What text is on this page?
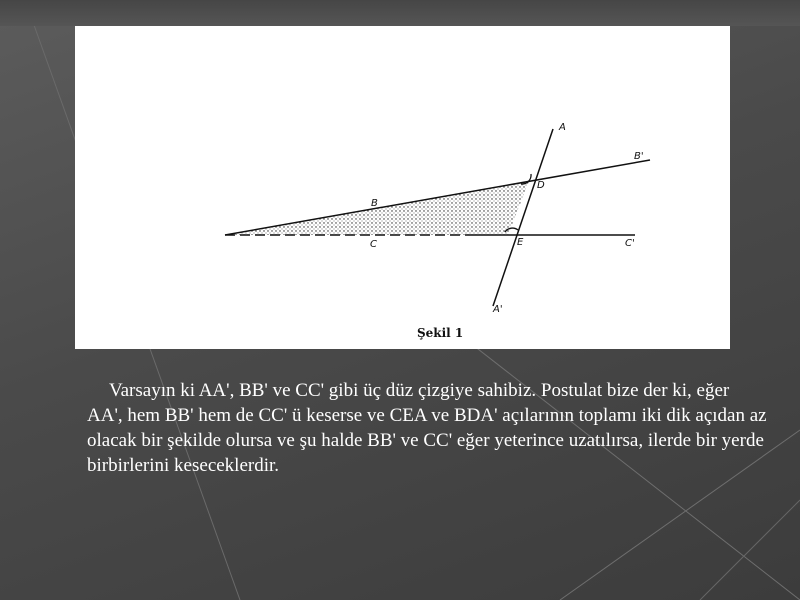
A
B'
D
B
C	E	C'
A'
Şekil 1

Varsayın ki AA', BB' ve CC' gibi üç düz çizgiye sahibiz. Postulat bize der ki, eğer AA', hem BB' hem de CC' ü keserse ve CEA ve BDA' açılarının toplamı iki dik açıdan az olacak bir şekilde olursa ve şu halde BB' ve CC' eğer yeterince uzatılırsa, ilerde bir yerde birbirlerini keseceklerdir.
